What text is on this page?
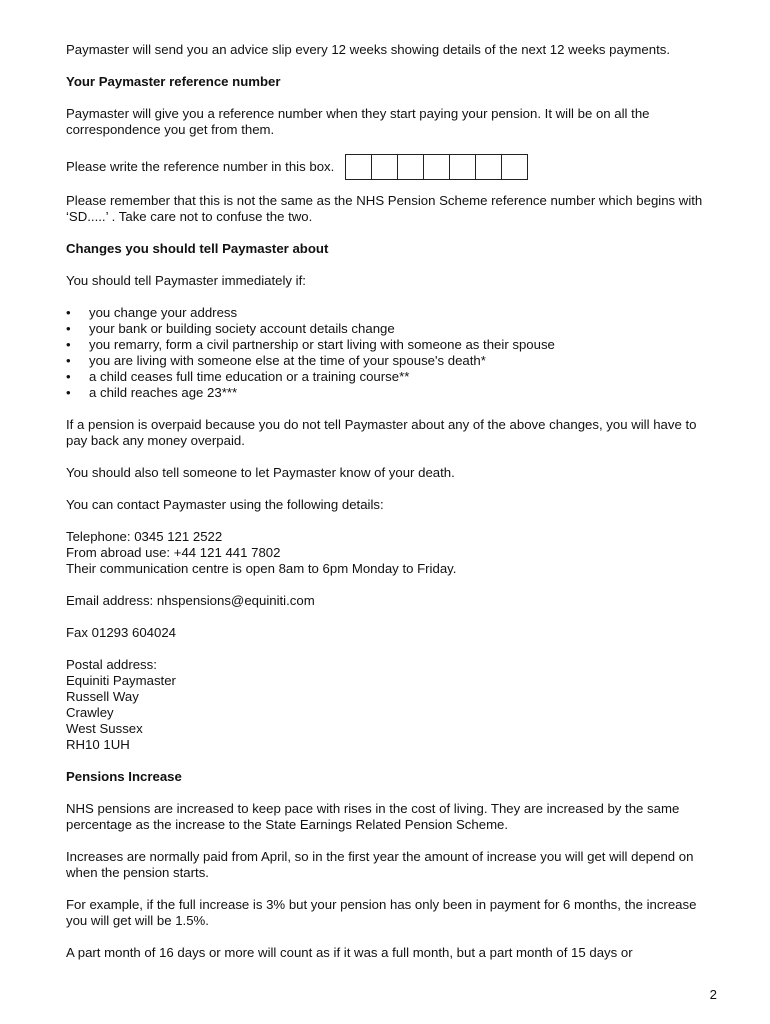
Paymaster will send you an advice slip every 12 weeks showing details of the next 12 weeks payments.

Your Paymaster reference number

Paymaster will give you a reference number when they start paying your pension. It will be on all the correspondence you get from them.

Please write the reference number in this box.

Please remember that this is not the same as the NHS Pension Scheme reference number which begins with ‘SD.....’ . Take care not to confuse the two.

Changes you should tell Paymaster about

You should tell Paymaster immediately if:

• you change your address
• your bank or building society account details change
• you remarry, form a civil partnership or start living with someone as their spouse
• you are living with someone else at the time of your spouse's death*
• a child ceases full time education or a training course**
• a child reaches age 23***

If a pension is overpaid because you do not tell Paymaster about any of the above changes, you will have to pay back any money overpaid.

You should also tell someone to let Paymaster know of your death.

You can contact Paymaster using the following details:

Telephone: 0345 121 2522
From abroad use: +44 121 441 7802
Their communication centre is open 8am to 6pm Monday to Friday.

Email address: nhspensions@equiniti.com

Fax 01293 604024

Postal address:
Equiniti Paymaster
Russell Way
Crawley
West Sussex
RH10 1UH
Pensions Increase

NHS pensions are increased to keep pace with rises in the cost of living. They are increased by the same percentage as the increase to the State Earnings Related Pension Scheme.

Increases are normally paid from April, so in the first year the amount of increase you will get will depend on when the pension starts.

For example, if the full increase is 3% but your pension has only been in payment for 6 months, the increase you will get will be 1.5%.

A part month of 16 days or more will count as if it was a full month, but a part month of 15 days or

2
